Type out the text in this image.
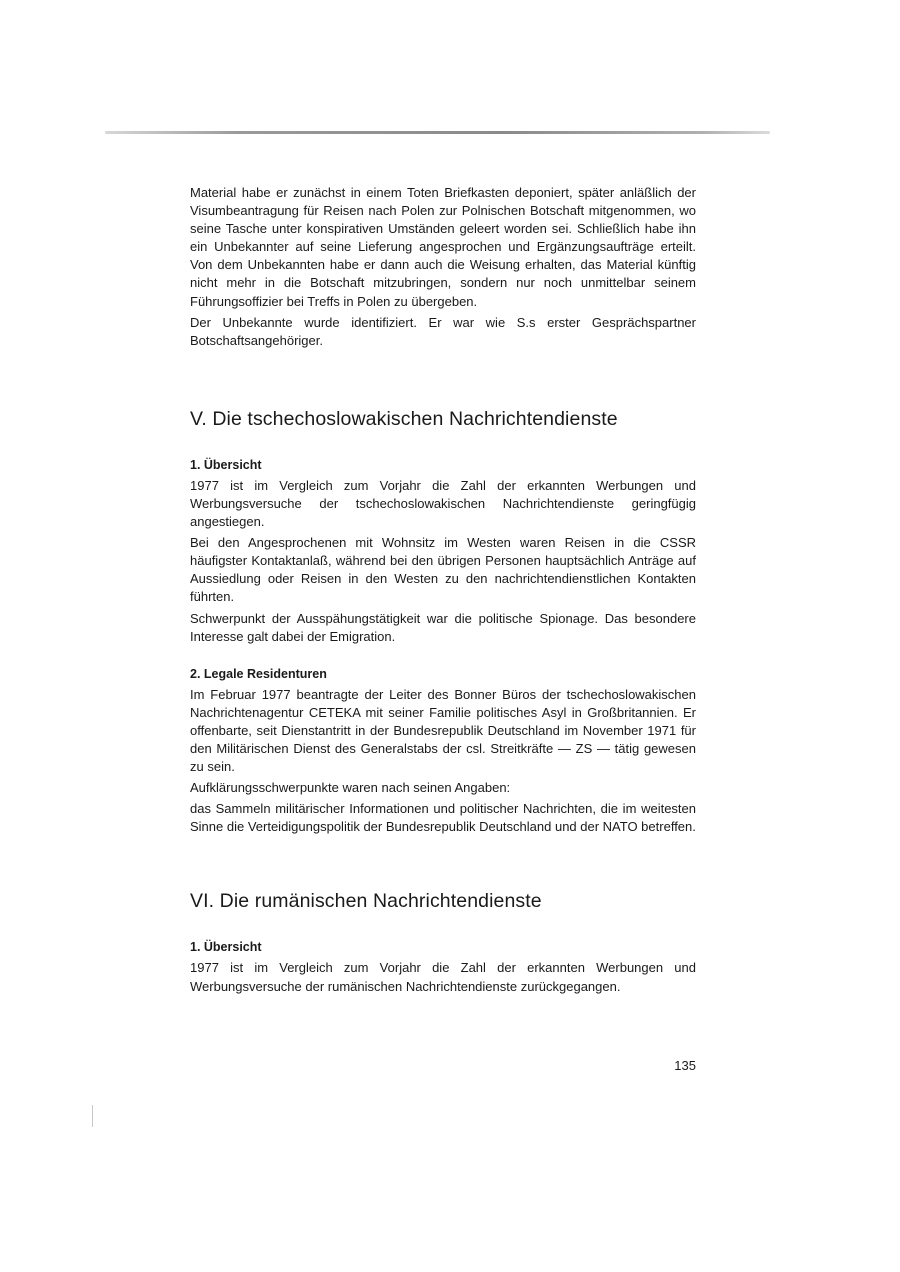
Material habe er zunächst in einem Toten Briefkasten deponiert, später anläßlich der Visumbeantragung für Reisen nach Polen zur Polnischen Botschaft mitgenommen, wo seine Tasche unter konspirativen Umständen geleert worden sei. Schließlich habe ihn ein Unbekannter auf seine Lieferung angesprochen und Ergänzungsaufträge erteilt. Von dem Unbekannten habe er dann auch die Weisung erhalten, das Material künftig nicht mehr in die Botschaft mitzubringen, sondern nur noch unmittelbar seinem Führungsoffizier bei Treffs in Polen zu übergeben.

Der Unbekannte wurde identifiziert. Er war wie S.s erster Gesprächspartner Botschaftsangehöriger.

V. Die tschechoslowakischen Nachrichtendienste
1. Übersicht

1977 ist im Vergleich zum Vorjahr die Zahl der erkannten Werbungen und Werbungsversuche der tschechoslowakischen Nachrichtendienste geringfügig angestiegen.

Bei den Angesprochenen mit Wohnsitz im Westen waren Reisen in die CSSR häufigster Kontaktanlaß, während bei den übrigen Personen hauptsächlich Anträge auf Aussiedlung oder Reisen in den Westen zu den nachrichtendienstlichen Kontakten führten.

Schwerpunkt der Ausspähungstätigkeit war die politische Spionage. Das besondere Interesse galt dabei der Emigration.

2. Legale Residenturen

Im Februar 1977 beantragte der Leiter des Bonner Büros der tschechoslowakischen Nachrichtenagentur CETEKA mit seiner Familie politisches Asyl in Großbritannien. Er offenbarte, seit Dienstantritt in der Bundesrepublik Deutschland im November 1971 für den Militärischen Dienst des Generalstabs der csl. Streitkräfte — ZS — tätig gewesen zu sein.

Aufklärungsschwerpunkte waren nach seinen Angaben:

das Sammeln militärischer Informationen und politischer Nachrichten, die im weitesten Sinne die Verteidigungspolitik der Bundesrepublik Deutschland und der NATO betreffen.

VI. Die rumänischen Nachrichtendienste
1. Übersicht

1977 ist im Vergleich zum Vorjahr die Zahl der erkannten Werbungen und Werbungsversuche der rumänischen Nachrichtendienste zurückgegangen.

135
